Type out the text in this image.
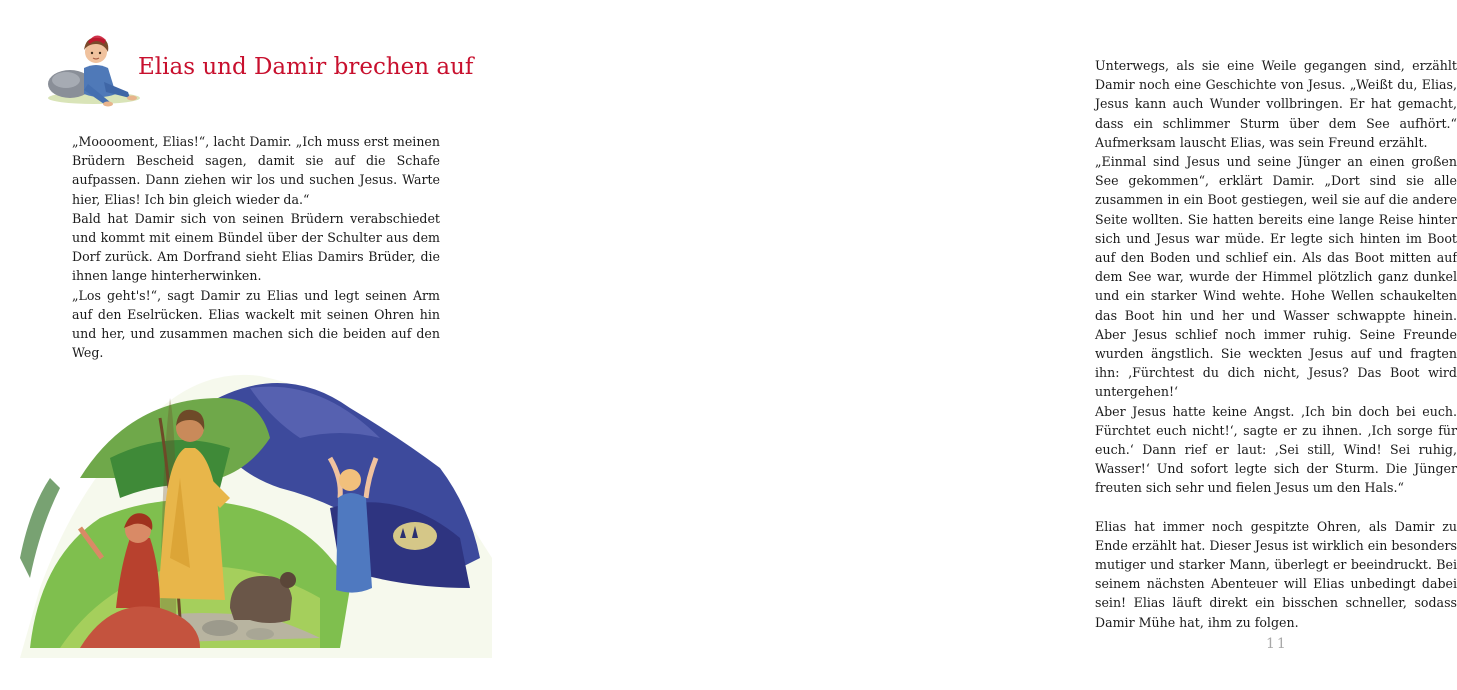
Elias und Damir brechen auf

„Mooooment, Elias!“, lacht Damir. „Ich muss erst meinen Brüdern Bescheid sagen, damit sie auf die Schafe aufpassen. Dann ziehen wir los und suchen Jesus. Warte hier, Elias! Ich bin gleich wieder da.“

Bald hat Damir sich von seinen Brüdern verabschiedet und kommt mit einem Bündel über der Schulter aus dem Dorf zurück. Am Dorfrand sieht Elias Damirs Brüder, die ihnen lange hinterherwinken.

„Los geht's!“, sagt Damir zu Elias und legt seinen Arm auf den Eselrücken. Elias wackelt mit seinen Ohren hin und her, und zusammen machen sich die beiden auf den Weg.

Unterwegs, als sie eine Weile gegangen sind, erzählt Damir noch eine Geschichte von Jesus. „Weißt du, Elias, Jesus kann auch Wunder vollbringen. Er hat gemacht, dass ein schlimmer Sturm über dem See aufhört.“ Aufmerksam lauscht Elias, was sein Freund erzählt.

„Einmal sind Jesus und seine Jünger an einen großen See gekommen“, erklärt Damir. „Dort sind sie alle zusammen in ein Boot gestiegen, weil sie auf die andere Seite wollten. Sie hatten bereits eine lange Reise hinter sich und Jesus war müde. Er legte sich hinten im Boot auf den Boden und schlief ein. Als das Boot mitten auf dem See war, wurde der Himmel plötzlich ganz dunkel und ein starker Wind wehte. Hohe Wellen schaukelten das Boot hin und her und Wasser schwappte hinein. Aber Jesus schlief noch immer ruhig. Seine Freunde wurden ängstlich. Sie weckten Jesus auf und fragten ihn: ‚Fürchtest du dich nicht, Jesus? Das Boot wird untergehen!‘

Aber Jesus hatte keine Angst. ‚Ich bin doch bei euch. Fürchtet euch nicht!‘, sagte er zu ihnen. ‚Ich sorge für euch.‘ Dann rief er laut: ‚Sei still, Wind! Sei ruhig, Wasser!‘ Und sofort legte sich der Sturm. Die Jünger freuten sich sehr und fielen Jesus um den Hals.“

Elias hat immer noch gespitzte Ohren, als Damir zu Ende erzählt hat. Dieser Jesus ist wirklich ein besonders mutiger und starker Mann, überlegt er beeindruckt. Bei seinem nächsten Abenteuer will Elias unbedingt dabei sein! Elias läuft direkt ein bisschen schneller, sodass Damir Mühe hat, ihm zu folgen.

11
